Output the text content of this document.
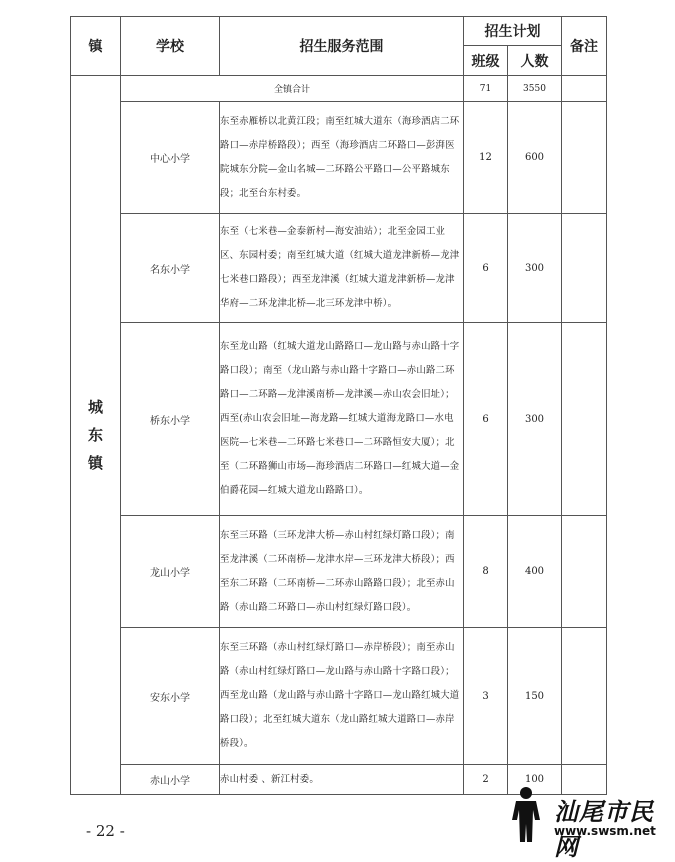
镇	学校	招生服务范围	招生计划		备注
			班级	人数	

城东镇	全镇合计		71	3550	
	中心小学	东至赤雁桥以北黄江段；南至红城大道东（海珍酒店二环路口—赤岸桥路段）；西至（海珍酒店二环路口—彭湃医院城东分院—金山名城—二环路公平路口—公平路城东段；北至台东村委。	12	600	
	名东小学	东至（七米巷—金泰新村—海安油站）；北至金园工业区、东园村委；南至红城大道（红城大道龙津新桥—龙津七米巷口路段）；西至龙津溪（红城大道龙津新桥—龙津华府—二环龙津北桥—北三环龙津中桥）。	6	300	
	桥东小学	东至龙山路（红城大道龙山路路口—龙山路与赤山路十字路口段）；南至（龙山路与赤山路十字路口—赤山路二环路口—二环路—龙津溪南桥—龙津溪—赤山农会旧址）；西至(赤山农会旧址—海龙路—红城大道海龙路口—水电医院—七米巷—二环路七米巷口—二环路恒安大厦）；北至（二环路狮山市场—海珍酒店二环路口—红城大道—金伯爵花园—红城大道龙山路路口）。	6	300	
	龙山小学	东至三环路（三环龙津大桥—赤山村红绿灯路口段）；南至龙津溪（二环南桥—龙津水岸—三环龙津大桥段）；西至东二环路（二环南桥—二环赤山路路口段）；北至赤山路（赤山路二环路口—赤山村红绿灯路口段）。	8	400	
	安东小学	东至三环路（赤山村红绿灯路口—赤岸桥段）；南至赤山路（赤山村红绿灯路口—龙山路与赤山路十字路口段）；西至龙山路（龙山路与赤山路十字路口—龙山路红城大道路口段）；北至红城大道东（龙山路红城大道路口—赤岸桥段）。	3	150	
	赤山小学	赤山村委 、新江村委。	2	100	
- 22 -
汕尾市民网
www.swsm.net
